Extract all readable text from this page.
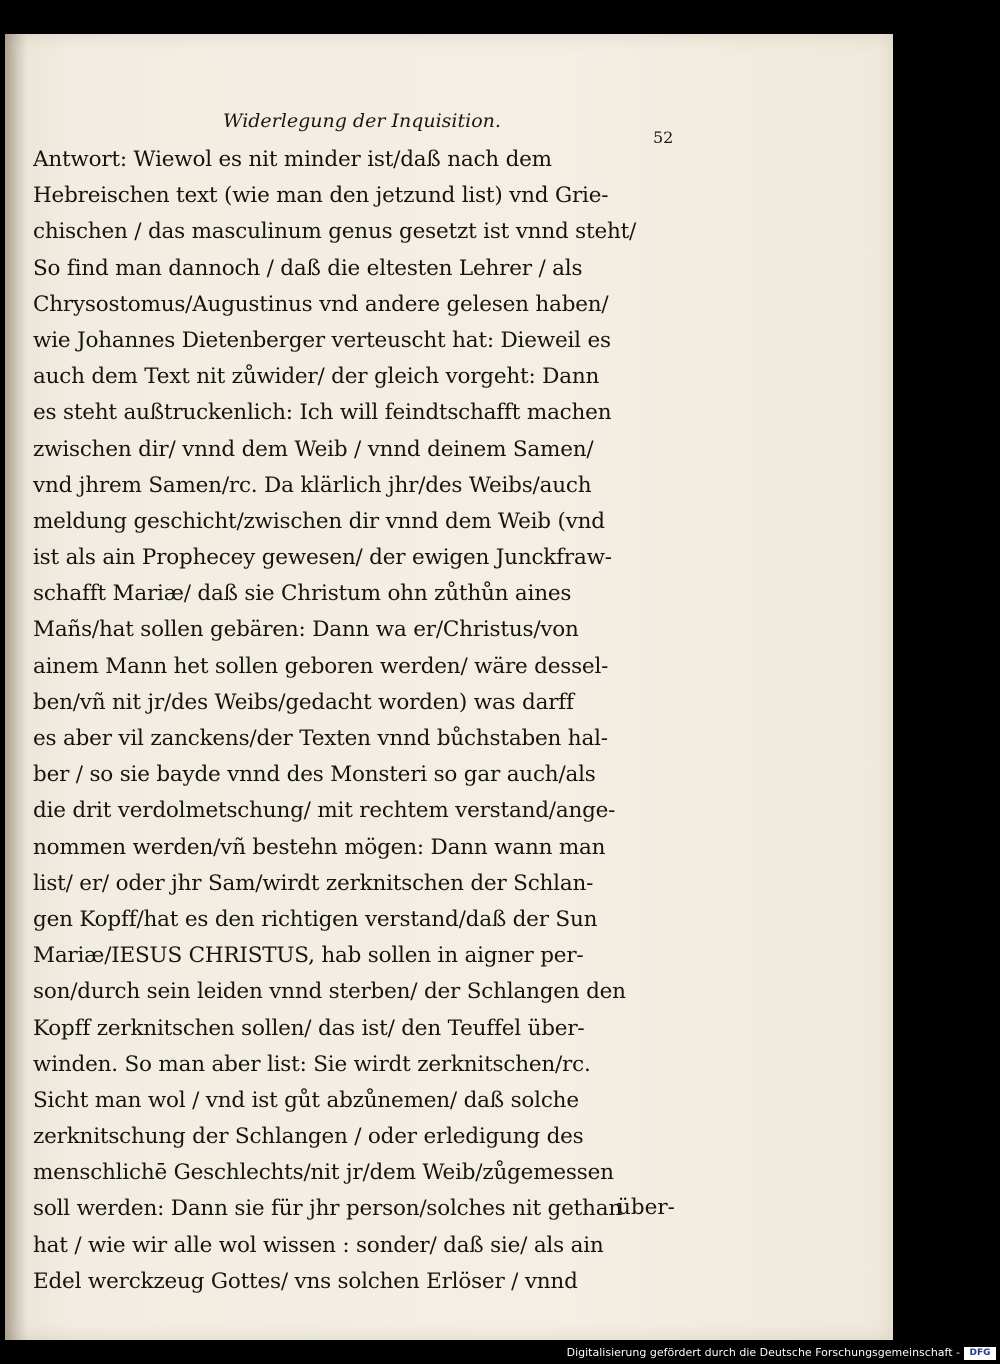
Widerlegung der Inquisition.
52
Antwort: Wiewol es nit minder ist/daß nach dem
Hebreischen text (wie man den jetzund list) vnd Grie-
chischen / das masculinum genus gesetzt ist vnnd steht/
So find man dannoch / daß die eltesten Lehrer / als
Chrysostomus/Augustinus vnd andere gelesen haben/
wie Johannes Dietenberger verteuscht hat: Dieweil es
auch dem Text nit zůwider/ der gleich vorgeht: Dann
es steht außtruckenlich: Ich will feindtschafft machen
zwischen dir/ vnnd dem Weib / vnnd deinem Samen/
vnd jhrem Samen/rc. Da klärlich jhr/des Weibs/auch
meldung geschicht/zwischen dir vnnd dem Weib (vnd
ist als ain Prophecey gewesen/ der ewigen Junckfraw-
schafft Mariæ/ daß sie Christum ohn zůthůn aines
Mañs/hat sollen gebären: Dann wa er/Christus/von
ainem Mann het sollen geboren werden/ wäre dessel-
ben/vñ nit jr/des Weibs/gedacht worden) was darff
es aber vil zanckens/der Texten vnnd bůchstaben hal-
ber / so sie bayde vnnd des Monsteri so gar auch/als
die drit verdolmetschung/ mit rechtem verstand/ange-
nommen werden/vñ bestehn mögen: Dann wann man
list/ er/ oder jhr Sam/wirdt zerknitschen der Schlan-
gen Kopff/hat es den richtigen verstand/daß der Sun
Mariæ/IESUS CHRISTUS, hab sollen in aigner per-
son/durch sein leiden vnnd sterben/ der Schlangen den
Kopff zerknitschen sollen/ das ist/ den Teuffel über-
winden. So man aber list: Sie wirdt zerknitschen/rc.
Sicht man wol / vnd ist gůt abzůnemen/ daß solche
zerknitschung der Schlangen / oder erledigung des
menschlichē Geschlechts/nit jr/dem Weib/zůgemessen
soll werden: Dann sie für jhr person/solches nit gethan
hat / wie wir alle wol wissen : sonder/ daß sie/ als ain
Edel werckzeug Gottes/ vns solchen Erlöser / vnnd
über-
Digitalisierung gefördert durch die Deutsche Forschungsgemeinschaft -	DFG
